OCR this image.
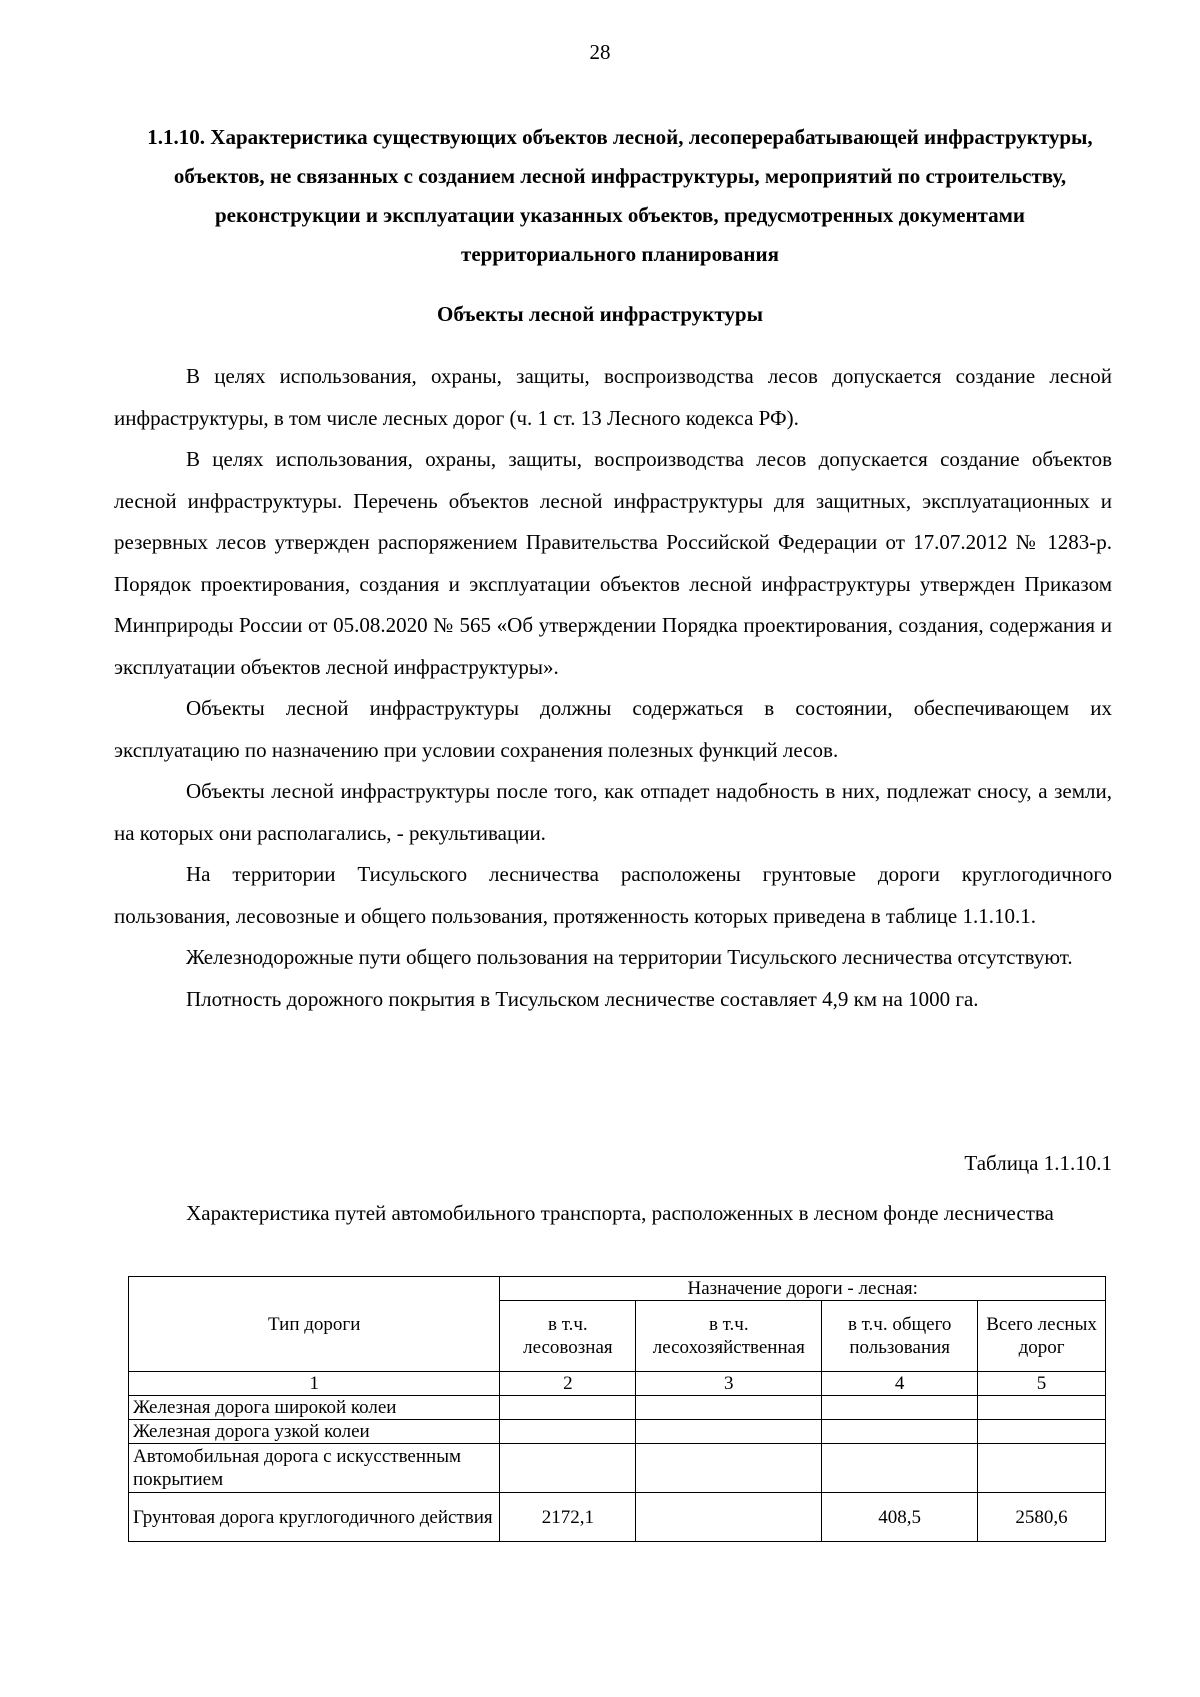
28
1.1.10. Характеристика существующих объектов лесной, лесоперерабатывающей инфраструктуры, объектов, не связанных с созданием лесной инфраструктуры, мероприятий по строительству, реконструкции и эксплуатации указанных объектов, предусмотренных документами территориального планирования
Объекты лесной инфраструктуры

В целях использования, охраны, защиты, воспроизводства лесов допускается создание лесной инфраструктуры, в том числе лесных дорог (ч. 1 ст. 13 Лесного кодекса РФ).

В целях использования, охраны, защиты, воспроизводства лесов допускается создание объектов лесной инфраструктуры. Перечень объектов лесной инфраструктуры для защитных, эксплуатационных и резервных лесов утвержден распоряжением Правительства Российской Федерации от 17.07.2012 № 1283-р. Порядок проектирования, создания и эксплуатации объектов лесной инфраструктуры утвержден Приказом Минприроды России от 05.08.2020 № 565 «Об утверждении Порядка проектирования, создания, содержания и эксплуатации объектов лесной инфраструктуры».

Объекты лесной инфраструктуры должны содержаться в состоянии, обеспечивающем их эксплуатацию по назначению при условии сохранения полезных функций лесов.

Объекты лесной инфраструктуры после того, как отпадет надобность в них, подлежат сносу, а земли, на которых они располагались, - рекультивации.

На территории Тисульского лесничества расположены грунтовые дороги круглогодичного пользования, лесовозные и общего пользования, протяженность которых приведена в таблице 1.1.10.1.

Железнодорожные пути общего пользования на территории Тисульского лесничества отсутствуют.

Плотность дорожного покрытия в Тисульском лесничестве составляет 4,9 км на 1000 га.

Таблица 1.1.10.1
Характеристика путей автомобильного транспорта, расположенных в лесном фонде лесничества
Тип дороги	Назначение дороги - лесная:			
	в т.ч. лесовозная	в т.ч. лесохозяйственная	в т.ч. общего пользования	Всего лесных дорог
1	2	3	4	5
Железная дорога широкой колеи				
Железная дорога узкой колеи				
Автомобильная дорога с искусственным покрытием				
Грунтовая дорога круглогодичного действия	2172,1		408,5	2580,6
